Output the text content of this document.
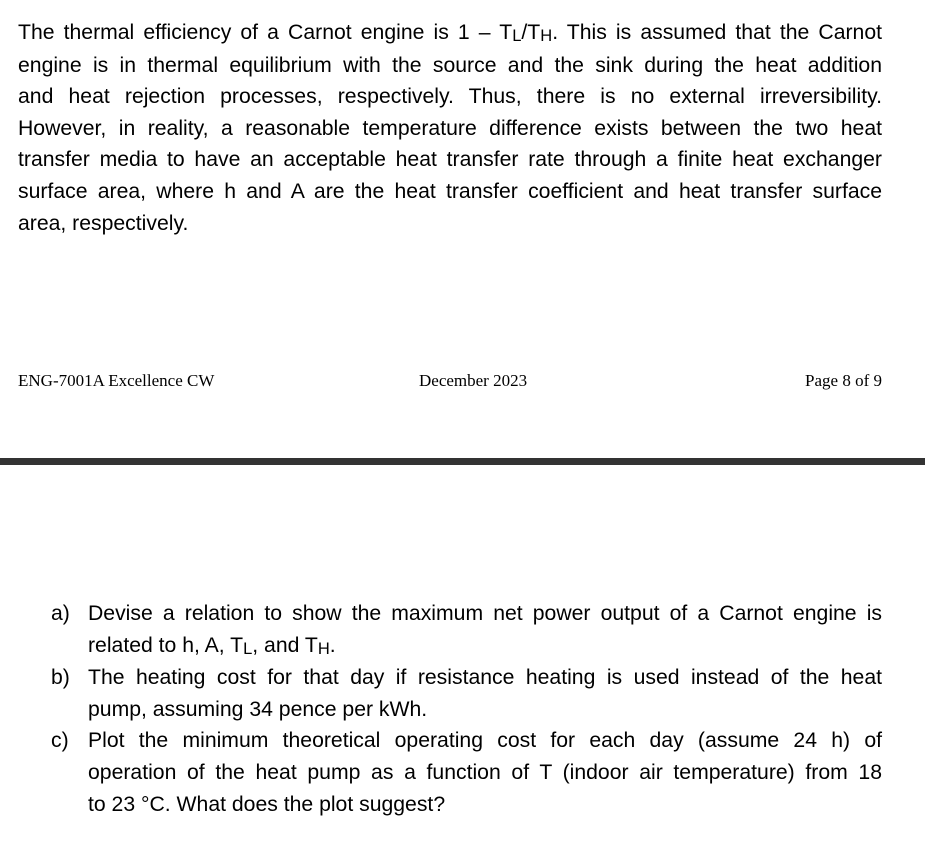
The thermal efficiency of a Carnot engine is 1 – TL/TH. This is assumed that the Carnot
engine is in thermal equilibrium with the source and the sink during the heat addition
and heat rejection processes, respectively. Thus, there is no external irreversibility.
However, in reality, a reasonable temperature difference exists between the two heat
transfer media to have an acceptable heat transfer rate through a finite heat exchanger
surface area, where h and A are the heat transfer coefficient and heat transfer surface
area, respectively.
ENG-7001A Excellence CW	December 2023	Page 8 of 9
a) Devise a relation to show the maximum net power output of a Carnot engine is
related to h, A, TL, and TH.
b) The heating cost for that day if resistance heating is used instead of the heat
pump, assuming 34 pence per kWh.
c) Plot the minimum theoretical operating cost for each day (assume 24 h) of
operation of the heat pump as a function of T (indoor air temperature) from 18
to 23 °C. What does the plot suggest?
